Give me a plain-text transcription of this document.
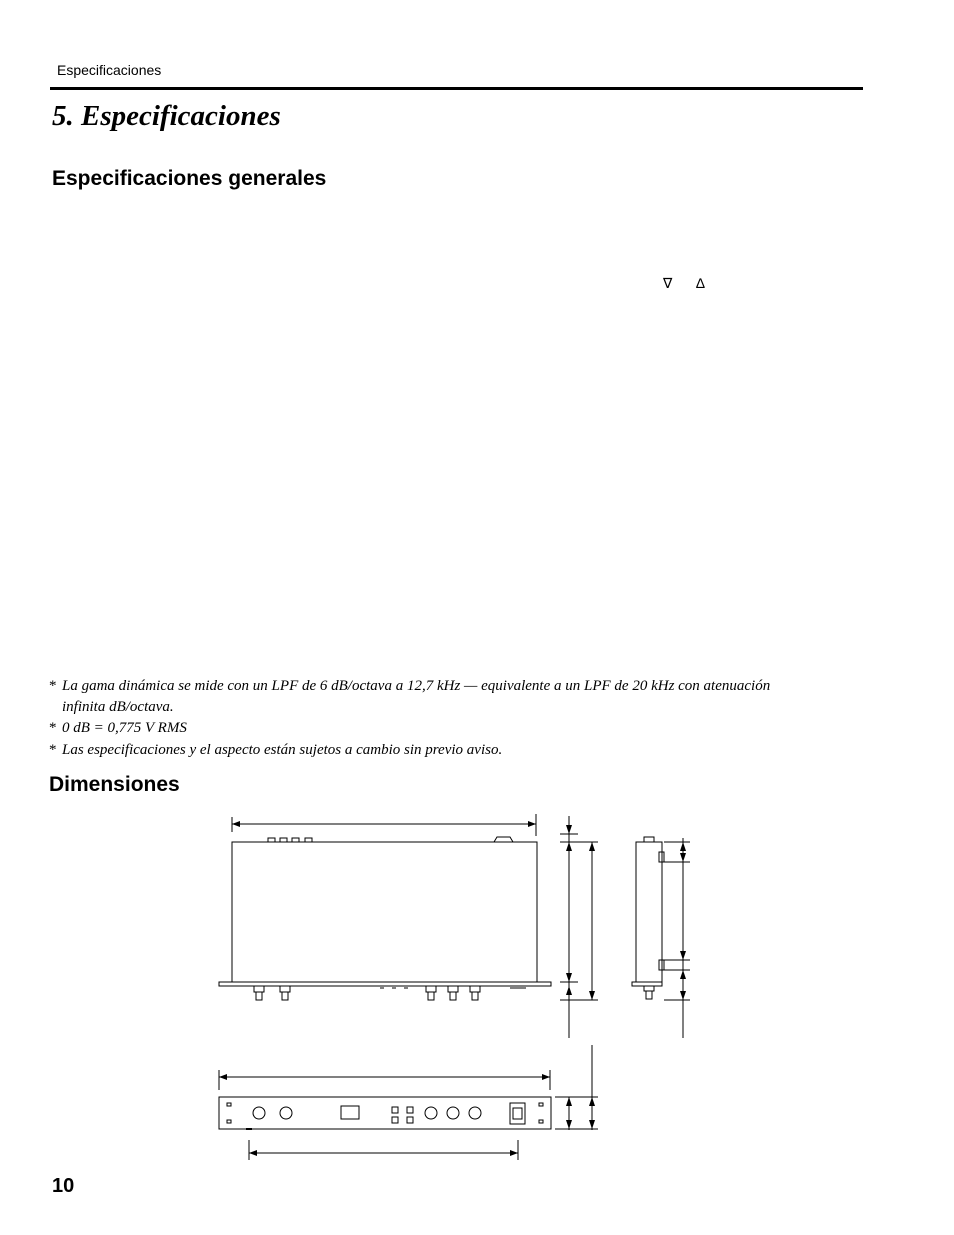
Especificaciones
5. Especificaciones
Especificaciones generales
∇ ∆
* La gama dinámica se mide con un LPF de 6 dB/octava a 12,7 kHz — equivalente a un LPF de 20 kHz con atenuación
infinita dB/octava.
* 0 dB = 0,775 V RMS
* Las especificaciones y el aspecto están sujetos a cambio sin previo aviso.
Dimensiones
10
